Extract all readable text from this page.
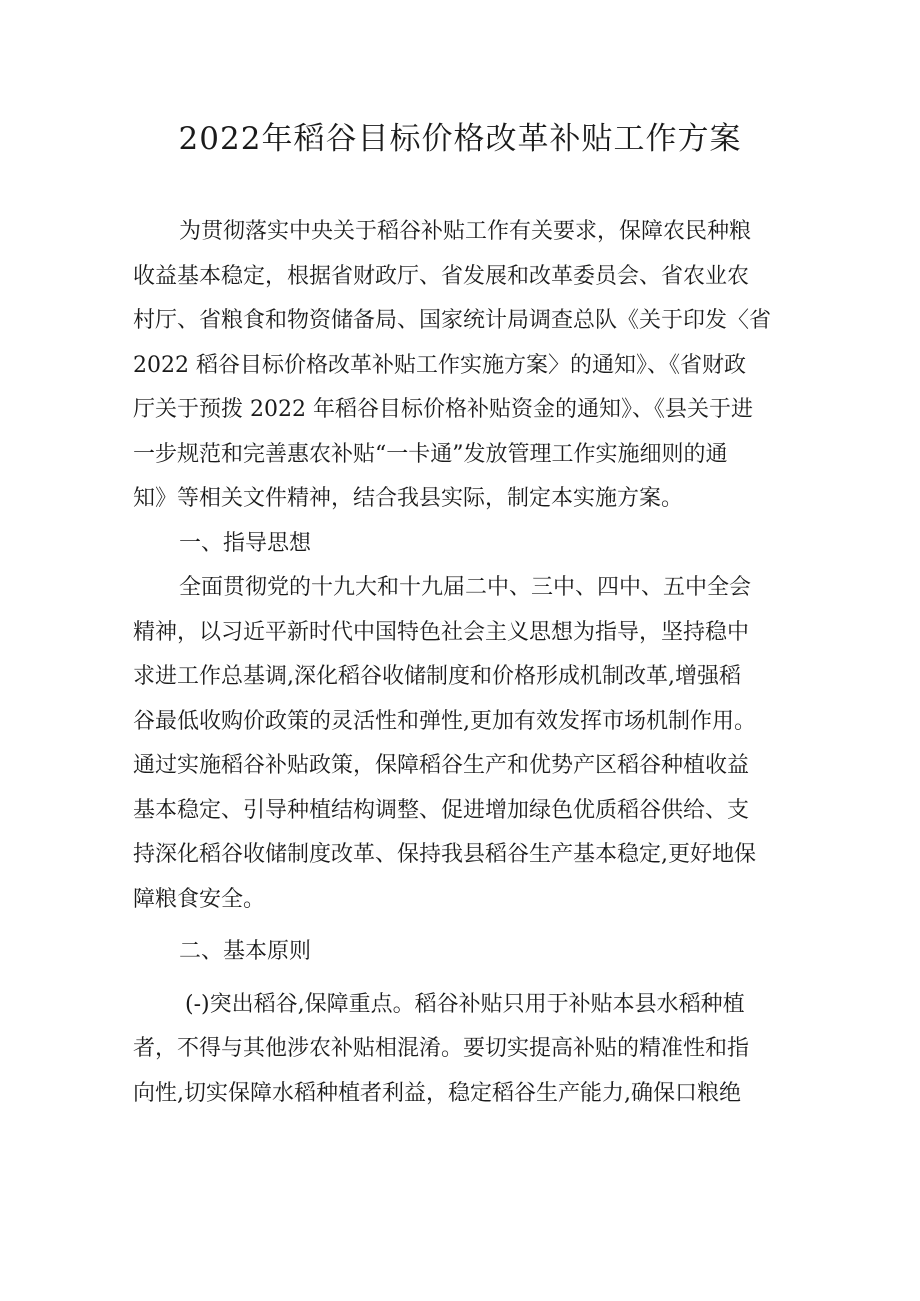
2022年稻谷目标价格改革补贴工作方案
为贯彻落实中央关于稻谷补贴工作有关要求，保障农民种粮
收益基本稳定，根据省财政厅、省发展和改革委员会、省农业农
村厅、省粮食和物资储备局、国家统计局调查总队《关于印发〈省
2022 稻谷目标价格改革补贴工作实施方案〉的通知》、《省财政
厅关于预拨 2022 年稻谷目标价格补贴资金的通知》、《县关于进
一步规范和完善惠农补贴“一卡通”发放管理工作实施细则的通
知》等相关文件精神，结合我县实际，制定本实施方案。
一、指导思想
全面贯彻党的十九大和十九届二中、三中、四中、五中全会
精神，以习近平新时代中国特色社会主义思想为指导，坚持稳中
求进工作总基调,深化稻谷收储制度和价格形成机制改革,增强稻
谷最低收购价政策的灵活性和弹性,更加有效发挥市场机制作用。
通过实施稻谷补贴政策，保障稻谷生产和优势产区稻谷种植收益
基本稳定、引导种植结构调整、促进增加绿色优质稻谷供给、支
持深化稻谷收储制度改革、保持我县稻谷生产基本稳定,更好地保
障粮食安全。
二、基本原则
(-)突出稻谷,保障重点。稻谷补贴只用于补贴本县水稻种植
者，不得与其他涉农补贴相混淆。要切实提高补贴的精准性和指
向性,切实保障水稻种植者利益，稳定稻谷生产能力,确保口粮绝
